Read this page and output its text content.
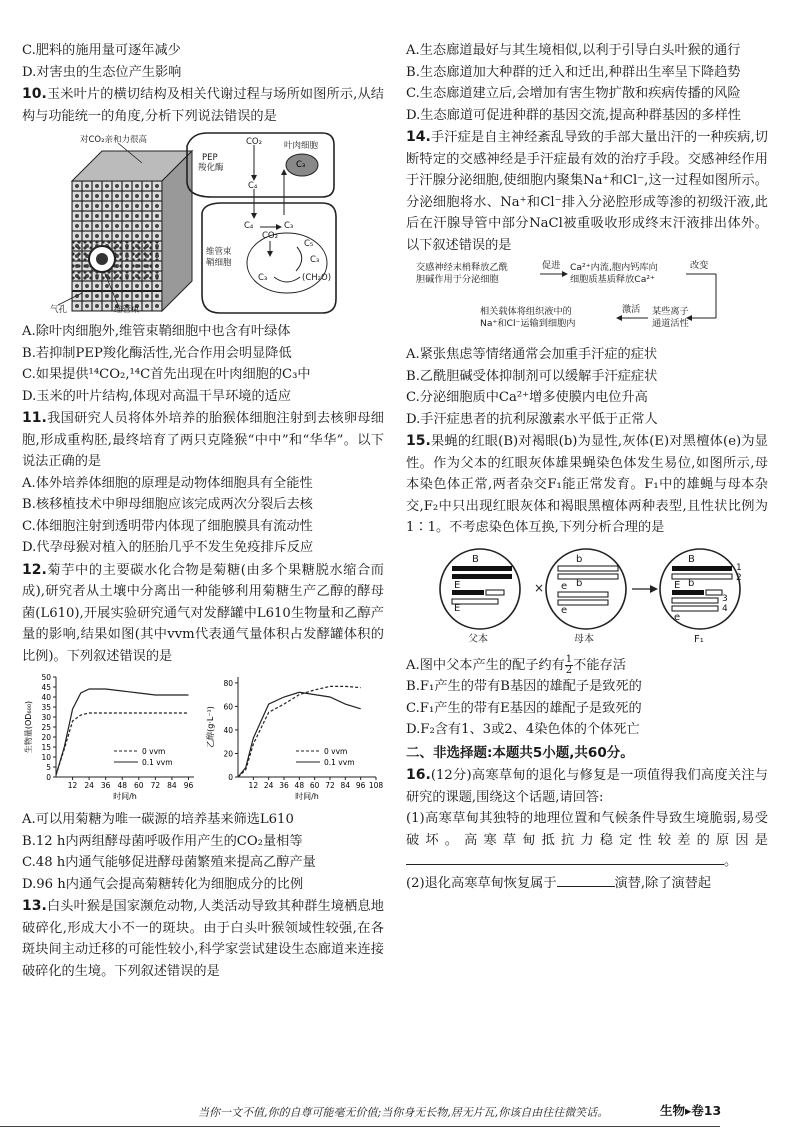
C.肥料的施用量可逐年减少
D.对害虫的生态位产生影响
10.玉米叶片的横切结构及相关代谢过程与场所如图所示,从结构与功能统一的角度,分析下列说法错误的是
对CO₂亲和力很高	CO₂	叶肉细胞
PEP
羧化酶	C₃
C₄
C₄	C₃
CO₂
C₅
C₃
C₃	(CH₂O)
维管束
鞘细胞
气孔	维管束
A.除叶肉细胞外,维管束鞘细胞中也含有叶绿体
B.若抑制PEP羧化酶活性,光合作用会明显降低
C.如果提供¹⁴CO₂,¹⁴C首先出现在叶肉细胞的C₃中
D.玉米的叶片结构,体现对高温干旱环境的适应
11.我国研究人员将体外培养的胎猴体细胞注射到去核卵母细胞,形成重构胚,最终培育了两只克隆猴“中中”和“华华”。以下说法正确的是
A.体外培养体细胞的原理是动物体细胞具有全能性
B.核移植技术中卵母细胞应该完成两次分裂后去核
C.体细胞注射到透明带内体现了细胞膜具有流动性
D.代孕母猴对植入的胚胎几乎不发生免疫排斥反应
12.菊芋中的主要碳水化合物是菊糖(由多个果糖脱水缩合而成),研究者从土壤中分离出一种能够利用菊糖生产乙醇的酵母菌(L610),开展实验研究通气对发酵罐中L610生物量和乙醇产量的影响,结果如图(其中vvm代表通气量体积占发酵罐体积的比例)。下列叙述错误的是
0
5
10
15
20
25
30
35
40
45
50
12 24 36 48 60 72 84 96
时间/h
生物量(OD₆₀₀)	0 vvm
0.1 vvm
0
20
40
60
80
12 24 36 48 60 72 84 96 108
时间/h
乙醇(g·L⁻¹)
0 vvm
0.1 vvm
A.可以用菊糖为唯一碳源的培养基来筛选L610
B.12 h内两组酵母菌呼吸作用产生的CO₂量相等
C.48 h内通气能够促进酵母菌繁殖来提高乙醇产量
D.96 h内通气会提高菊糖转化为细胞成分的比例
13.白头叶猴是国家濒危动物,人类活动导致其种群生境栖息地破碎化,形成大小不一的斑块。由于白头叶猴领域性较强,在各斑块间主动迁移的可能性较小,科学家尝试建设生态廊道来连接破碎化的生境。下列叙述错误的是
A.生态廊道最好与其生境相似,以利于引导白头叶猴的通行
B.生态廊道加大种群的迁入和迁出,种群出生率呈下降趋势
C.生态廊道建立后,会增加有害生物扩散和疾病传播的风险
D.生态廊道可促进种群的基因交流,提高种群基因的多样性
14.手汗症是自主神经紊乱导致的手部大量出汗的一种疾病,切断特定的交感神经是手汗症最有效的治疗手段。交感神经作用于汗腺分泌细胞,使细胞内聚集Na⁺和Cl⁻,这一过程如图所示。分泌细胞将水、Na⁺和Cl⁻排入分泌腔形成等渗的初级汗液,此后在汗腺导管中部分NaCl被重吸收形成终末汗液排出体外。以下叙述错误的是
交感神经末梢释放乙酰
胆碱作用于分泌细胞
促进 Ca²⁺内流,胞内钙库向
细胞质基质释放Ca²⁺
改变
相关载体将组织液中的
Na⁺和Cl⁻运输到细胞内
激活 某些离子
通道活性
A.紧张焦虑等情绪通常会加重手汗症的症状
B.乙酰胆碱受体抑制剂可以缓解手汗症症状
C.分泌细胞质中Ca²⁺增多使膜内电位升高
D.手汗症患者的抗利尿激素水平低于正常人
15.果蝇的红眼(B)对褐眼(b)为显性,灰体(E)对黑檀体(e)为显性。作为父本的红眼灰体雄果蝇染色体发生易位,如图所示,母本染色体正常,两者杂交F₁能正常发育。F₁中的雄蝇与母本杂交,F₂中只出现红眼灰体和褐眼黑檀体两种表型,且性状比例为1∶1。不考虑染色体互换,下列分析合理的是
B
E
E
×
b
b
e
e
B
b
E
e
1
2
3
4
父本	母本	F₁
A.图中父本产生的配子约有 $\frac{1}{2}$ 不能存活
B.F₁产生的带有B基因的雄配子是致死的
C.F₁产生的带有E基因的雄配子是致死的
D.F₂含有1、3或2、4染色体的个体死亡
二、非选择题:本题共5小题,共60分。
16.(12分)高寒草甸的退化与修复是一项值得我们高度关注与研究的课题,围绕这个话题,请回答:
(1)高寒草甸其独特的地理位置和气候条件导致生境脆弱,易受破坏。高寒草甸抵抗力稳定性较差的原因是。
(2)退化高寒草甸恢复属于	演替,除了演替起
当你一文不值,你的自尊可能毫无价值;当你身无长物,居无片瓦,你该自由往往微笑话。	生物▸卷13
